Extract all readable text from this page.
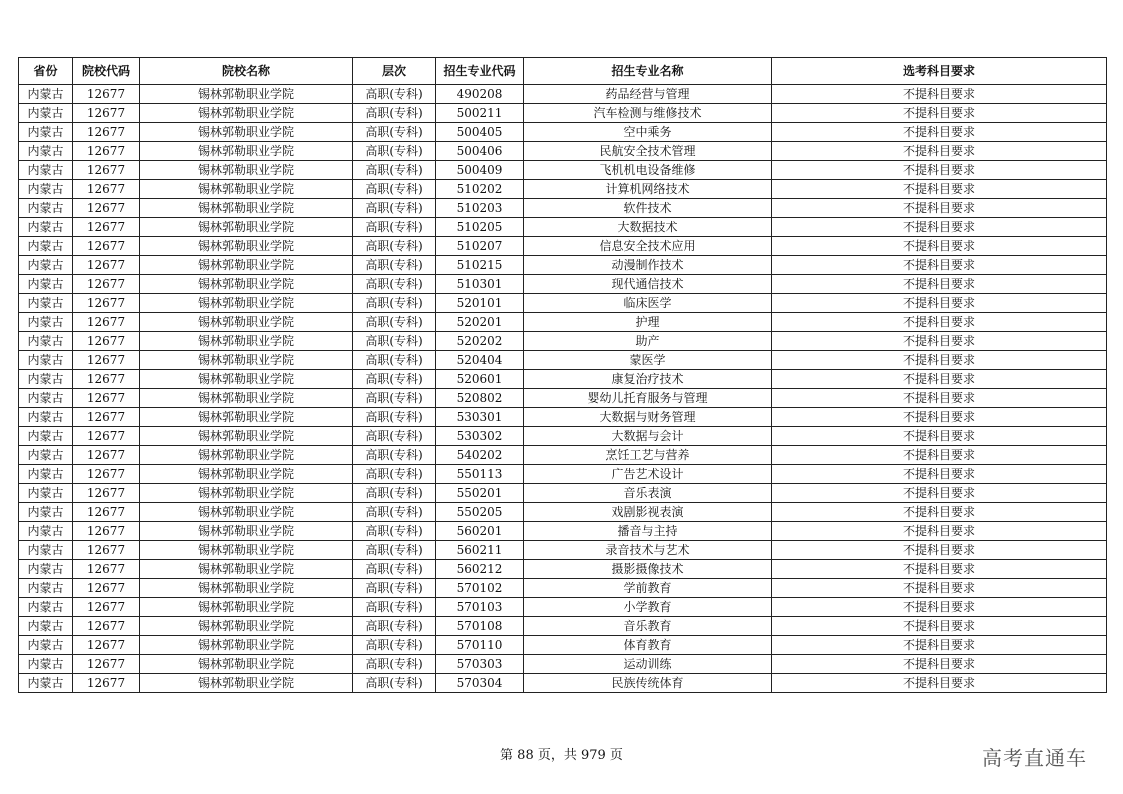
省份	院校代码	院校名称	层次	招生专业代码	招生专业名称	选考科目要求
内蒙古	12677	锡林郭勒职业学院	高职(专科)	490208	药品经营与管理	不提科目要求
内蒙古	12677	锡林郭勒职业学院	高职(专科)	500211	汽车检测与维修技术	不提科目要求
内蒙古	12677	锡林郭勒职业学院	高职(专科)	500405	空中乘务	不提科目要求
内蒙古	12677	锡林郭勒职业学院	高职(专科)	500406	民航安全技术管理	不提科目要求
内蒙古	12677	锡林郭勒职业学院	高职(专科)	500409	飞机机电设备维修	不提科目要求
内蒙古	12677	锡林郭勒职业学院	高职(专科)	510202	计算机网络技术	不提科目要求
内蒙古	12677	锡林郭勒职业学院	高职(专科)	510203	软件技术	不提科目要求
内蒙古	12677	锡林郭勒职业学院	高职(专科)	510205	大数据技术	不提科目要求
内蒙古	12677	锡林郭勒职业学院	高职(专科)	510207	信息安全技术应用	不提科目要求
内蒙古	12677	锡林郭勒职业学院	高职(专科)	510215	动漫制作技术	不提科目要求
内蒙古	12677	锡林郭勒职业学院	高职(专科)	510301	现代通信技术	不提科目要求
内蒙古	12677	锡林郭勒职业学院	高职(专科)	520101	临床医学	不提科目要求
内蒙古	12677	锡林郭勒职业学院	高职(专科)	520201	护理	不提科目要求
内蒙古	12677	锡林郭勒职业学院	高职(专科)	520202	助产	不提科目要求
内蒙古	12677	锡林郭勒职业学院	高职(专科)	520404	蒙医学	不提科目要求
内蒙古	12677	锡林郭勒职业学院	高职(专科)	520601	康复治疗技术	不提科目要求
内蒙古	12677	锡林郭勒职业学院	高职(专科)	520802	婴幼儿托育服务与管理	不提科目要求
内蒙古	12677	锡林郭勒职业学院	高职(专科)	530301	大数据与财务管理	不提科目要求
内蒙古	12677	锡林郭勒职业学院	高职(专科)	530302	大数据与会计	不提科目要求
内蒙古	12677	锡林郭勒职业学院	高职(专科)	540202	烹饪工艺与营养	不提科目要求
内蒙古	12677	锡林郭勒职业学院	高职(专科)	550113	广告艺术设计	不提科目要求
内蒙古	12677	锡林郭勒职业学院	高职(专科)	550201	音乐表演	不提科目要求
内蒙古	12677	锡林郭勒职业学院	高职(专科)	550205	戏剧影视表演	不提科目要求
内蒙古	12677	锡林郭勒职业学院	高职(专科)	560201	播音与主持	不提科目要求
内蒙古	12677	锡林郭勒职业学院	高职(专科)	560211	录音技术与艺术	不提科目要求
内蒙古	12677	锡林郭勒职业学院	高职(专科)	560212	摄影摄像技术	不提科目要求
内蒙古	12677	锡林郭勒职业学院	高职(专科)	570102	学前教育	不提科目要求
内蒙古	12677	锡林郭勒职业学院	高职(专科)	570103	小学教育	不提科目要求
内蒙古	12677	锡林郭勒职业学院	高职(专科)	570108	音乐教育	不提科目要求
内蒙古	12677	锡林郭勒职业学院	高职(专科)	570110	体育教育	不提科目要求
内蒙古	12677	锡林郭勒职业学院	高职(专科)	570303	运动训练	不提科目要求
内蒙古	12677	锡林郭勒职业学院	高职(专科)	570304	民族传统体育	不提科目要求
第 88 页，共 979 页	高考直通车
